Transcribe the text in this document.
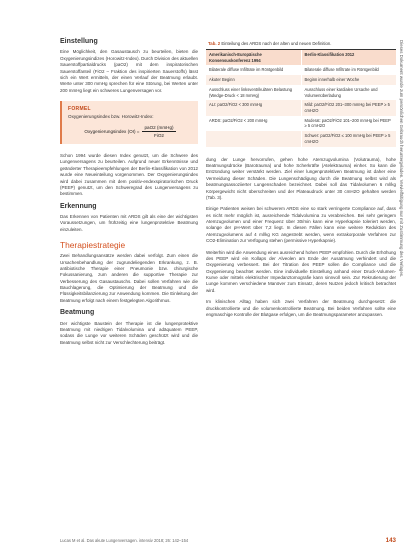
Einstellung

Eine Möglichkeit, den Gasaustausch zu beurteilen, bieten die Oxygenierungsindizes (Horowitz-Index). Durch Division des aktuellen Sauerstoffpartialdrucks (paO2) mit dem inspiratorischen Sauerstoffanteil (FiO2 – Fraktion des inspirierten Sauerstoffs) lässt sich ein Wert ermitteln, der einen Verlauf der Beatmung erlaubt. Werte unter 300 mmHg sprechen für eine Störung, bei Werten unter 200 mmHg liegt ein schweres Lungenversagen vor.

FORMEL
Oxygenierungsindex bzw. Horowitz-Index:
Oxygenierungsindex $(OI) = \frac{\text{paO2 (mmHg)}}{\text{FiO2}}$

Schon 1994 wurde diesen Index genutzt, um die Schwere des Lungenversagens zu beurteilen. Aufgrund neuer Erkenntnisse und geänderter Therapieempfehlungen der Berlin-Klassifikation von 2012 wurde eine Neueinteilung vorgenommen. Der Oxygenierungsindex wird dabei zusammen mit dem positiv-endexspiratorischen Druck (PEEP) genutzt, um den Schweregrad des Lungenversagens zu bestimmen.

Erkennung

Das Erkennen von Patienten mit ARDS gilt als eine der wichtigsten Voraussetzungen, um frühzeitig eine lungenprotektive Beatmung einzuleiten.

Therapiestrategie

Zwei Behandlungsansätze werden dabei verfolgt. Zum einen die Ursachenbehandlung der zugrundeliegenden Erkrankung, z. B. antibiotische Therapie einer Pneumonie bzw. chirurgische Fokussanierung, zum anderen die supportive Therapie zur Verbesserung des Gasaustauschs. Dabei sollen Verfahren wie die Bauchlagerung, die Optimierung der Beatmung und die Flüssigkeitsbilanzierung zur Anwendung kommen. Die Einleitung der Beatmung erfolgt nach einem festgelegten Algorithmus.

Beatmung

Der wichtigste Baustein der Therapie ist die lungenprotektive Beatmung mit niedrigen Tidalvolumina und adäquatem PEEP, sodass die Lunge vor weiteren Schäden geschützt wird und die Beatmung selbst nicht zur Verschlechterung beiträgt.

Tab. 2 Einteilung des ARDS nach der alten und neuen Definition.
Amerikanisch-Europäische Konsensuskonferenz 1994	Berlin-Klassifikation 2012
Bilaterale diffuse Infiltrate im Röntgenbild	Bilaterale diffuse Infiltrate im Röntgenbild
Akuter Beginn	Beginn innerhalb einer Woche
Ausschluss einer linksventrikulären Belastung (Wedge-Druck < 18 mmHg)	Ausschluss einer kardialen Ursache und Volumenüberladung
ALI: paO2/FiO2 < 300 mmHg	Mild: paO2/FiO2 201–300 mmHg bei PEEP ≥ 5 cmH2O
ARDS: paO2/FiO2 < 200 mmHg	Moderat: paO2/FiO2 101–200 mmHg bei PEEP ≥ 5 cmH2O
	Schwer: paO2/FiO2 ≤ 100 mmHg bei PEEP ≥ 5 cmH2O

dung der Lunge hervorrufen, gehen hohe Atemzugvolumina (Volutrauma), hohe Beatmungsdrücke (Barotrauma) und hohe Scherkräfte (Atelektrauma) einher. So kann die Entzündung weiter verstärkt werden. Ziel einer lungenprotektiven Beatmung ist daher eine Vermeidung dieser Schäden. Die Lungenschädigung durch die Beatmung selbst wird als beatmungsassoziierter Lungenschaden bezeichnet. Dabei soll das Tidalvolumen 6 ml/kg Körpergewicht nicht überschreiten und der Plateaudruck unter 30 cmH2O gehalten werden (Tab. 3).

Einige Patienten weisen bei schwerem ARDS eine so stark verringerte Compliance auf, dass es nicht mehr möglich ist, ausreichende Tidalvolumina zu verabreichen. Bei sehr geringem Atemzugvolumen und einer Frequenz über 30/min kann eine Hyperkapnie toleriert werden, solange der pH-Wert über 7,2 liegt. In diesen Fällen kann eine weitere Reduktion des Atemzugvolumens auf 4 ml/kg KG angestrebt werden, wenn extrakorporale Verfahren zur CO2-Elimination zur Verfügung stehen (permissive Hyperkapnie).

Weiterhin wird die Anwendung eines ausreichend hohen PEEP empfohlen. Durch die Erhöhung des PEEP wird ein Kollaps der Alveolen am Ende der Ausatmung verhindert und die Oxygenierung verbessert. Bei der Titration des PEEP sollen die Compliance und die Oxygenierung beachtet werden. Eine individuelle Einstellung anhand einer Druck-Volumen-Kurve oder mittels elektrischer Impedanztomografie kann sinnvoll sein. Zur Rekrutierung der Lunge kommen verschiedene Manöver zum Einsatz, deren Nutzen jedoch kritisch betrachtet wird.

Im klinischen Alltag haben sich zwei Verfahren der Beatmung durchgesetzt: die druckkontrollierte und die volumenkontrollierte Beatmung. Bei beiden Verfahren sollte eine engmaschige Kontrolle der Blutgase erfolgen, um die Beatmungsparameter anzupassen.

Dieses Dokument wurde zum persönlichen Gebrauch heruntergeladen. Vervielfältigung nur mit Zustimmung des Verlages.
Lucas M et al. Das akute Lungenversagen. intensiv 2018; 26: 142–154	143
